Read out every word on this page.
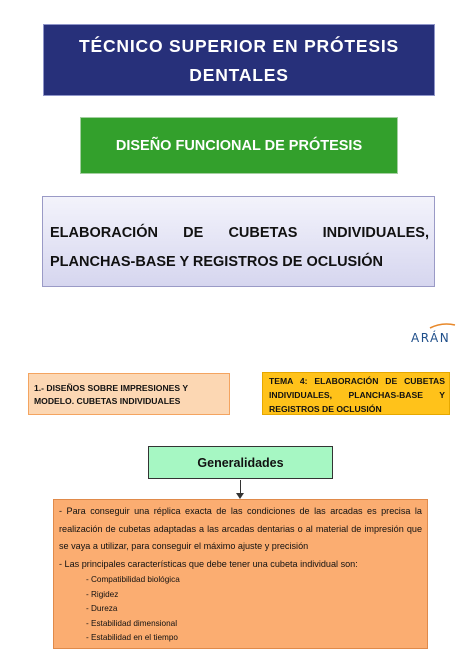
TÉCNICO SUPERIOR EN PRÓTESIS DENTALES
DISEÑO FUNCIONAL DE PRÓTESIS
ELABORACIÓN DE CUBETAS INDIVIDUALES, PLANCHAS-BASE Y REGISTROS DE OCLUSIÓN
ARÁN
1.- DISEÑOS SOBRE IMPRESIONES Y MODELO. CUBETAS INDIVIDUALES
TEMA 4: ELABORACIÓN DE CUBETAS INDIVIDUALES, PLANCHAS-BASE Y REGISTROS DE OCLUSIÓN
Generalidades

- Para conseguir una réplica exacta de las condiciones de las arcadas es precisa la realización de cubetas adaptadas a las arcadas dentarias o al material de impresión que se vaya a utilizar, para conseguir el máximo ajuste y precisión

- Las principales características que debe tener una cubeta individual son:

- Compatibilidad biológica
- Rigidez
- Dureza
- Estabilidad dimensional
- Estabilidad en el tiempo
